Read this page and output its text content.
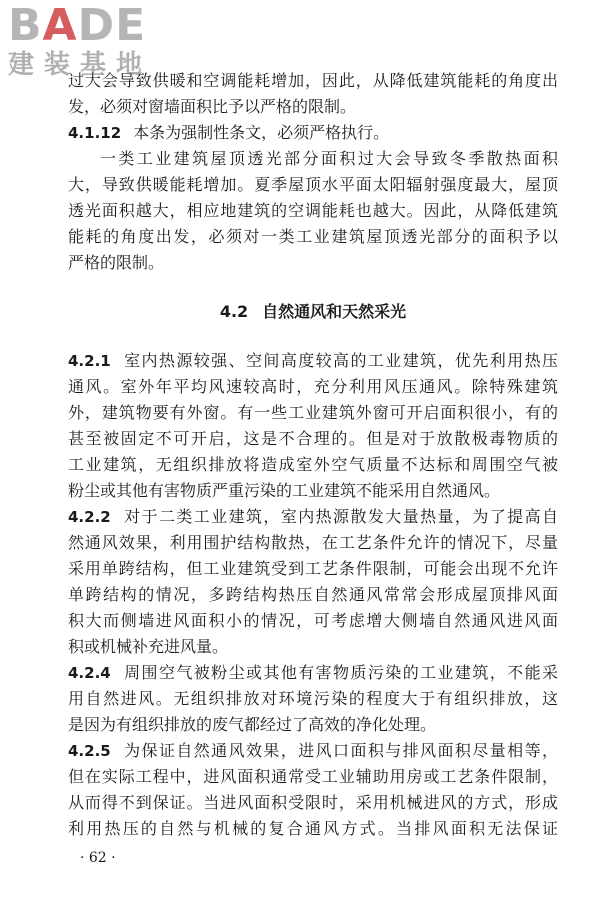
BADE
建装基地
过大会导致供暖和空调能耗增加，因此，从降低建筑能耗的角度出
发，必须对窗墙面积比予以严格的限制。
4.1.12 本条为强制性条文，必须严格执行。
一类工业建筑屋顶透光部分面积过大会导致冬季散热面积
大，导致供暖能耗增加。夏季屋顶水平面太阳辐射强度最大，屋顶
透光面积越大，相应地建筑的空调能耗也越大。因此，从降低建筑
能耗的角度出发，必须对一类工业建筑屋顶透光部分的面积予以
严格的限制。
4.2 自然通风和天然采光
4.2.1 室内热源较强、空间高度较高的工业建筑，优先利用热压
通风。室外年平均风速较高时，充分利用风压通风。除特殊建筑
外，建筑物要有外窗。有一些工业建筑外窗可开启面积很小，有的
甚至被固定不可开启，这是不合理的。但是对于放散极毒物质的
工业建筑，无组织排放将造成室外空气质量不达标和周围空气被
粉尘或其他有害物质严重污染的工业建筑不能采用自然通风。
4.2.2 对于二类工业建筑，室内热源散发大量热量，为了提高自
然通风效果，利用围护结构散热，在工艺条件允许的情况下，尽量
采用单跨结构，但工业建筑受到工艺条件限制，可能会出现不允许
单跨结构的情况，多跨结构热压自然通风常常会形成屋顶排风面
积大而侧墙进风面积小的情况，可考虑增大侧墙自然通风进风面
积或机械补充进风量。
4.2.4 周围空气被粉尘或其他有害物质污染的工业建筑，不能采
用自然进风。无组织排放对环境污染的程度大于有组织排放，这
是因为有组织排放的废气都经过了高效的净化处理。
4.2.5 为保证自然通风效果，进风口面积与排风面积尽量相等，
但在实际工程中，进风面积通常受工业辅助用房或工艺条件限制，
从而得不到保证。当进风面积受限时，采用机械进风的方式，形成
利用热压的自然与机械的复合通风方式。当排风面积无法保证
· 62 ·
